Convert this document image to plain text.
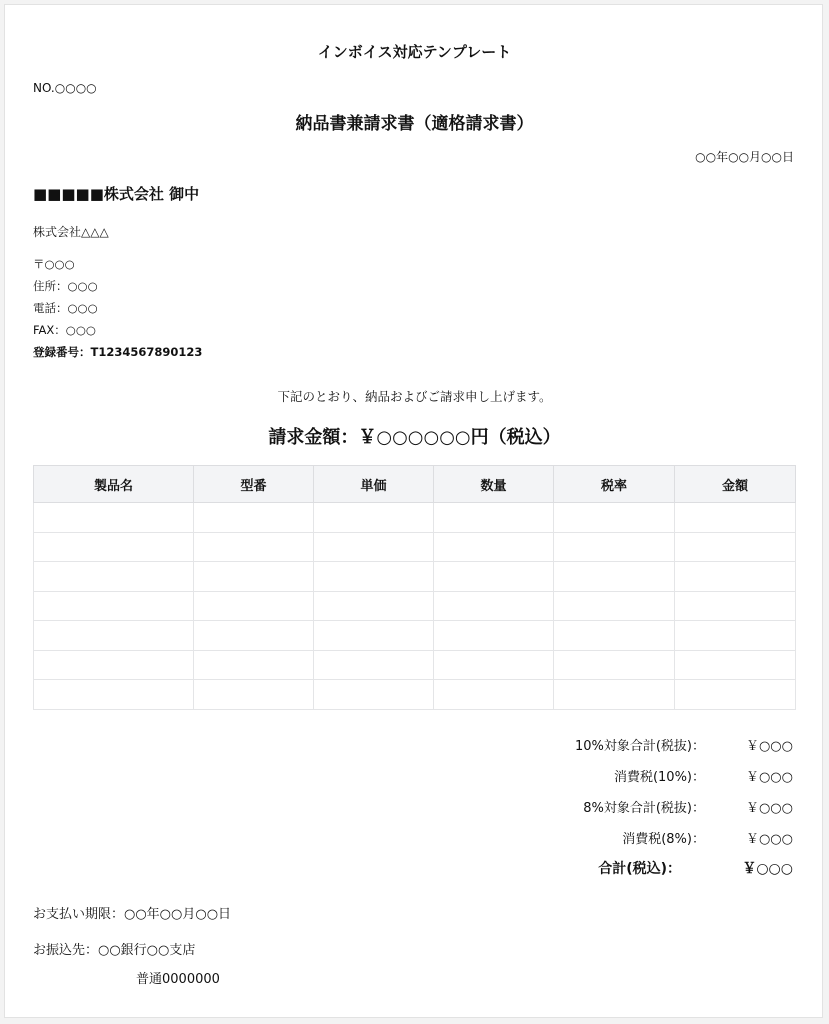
インボイス対応テンプレート
NO.○○○○
納品書兼請求書（適格請求書）
○○年○○月○○日
■■■■■株式会社 御中
株式会社△△△
〒○○○
住所：○○○
電話：○○○
FAX：○○○
登録番号：T1234567890123
下記のとおり、納品およびご請求申し上げます。
請求金額：￥○○○○○○円（税込）
製品名	型番	単価	数量	税率	金額

10%対象合計(税抜)：	￥○○○
消費税(10%)：	￥○○○
8%対象合計(税抜)：	￥○○○
消費税(8%)：	￥○○○
合計(税込)：	￥○○○
お支払い期限：○○年○○月○○日
お振込先：○○銀行○○支店
普通0000000
